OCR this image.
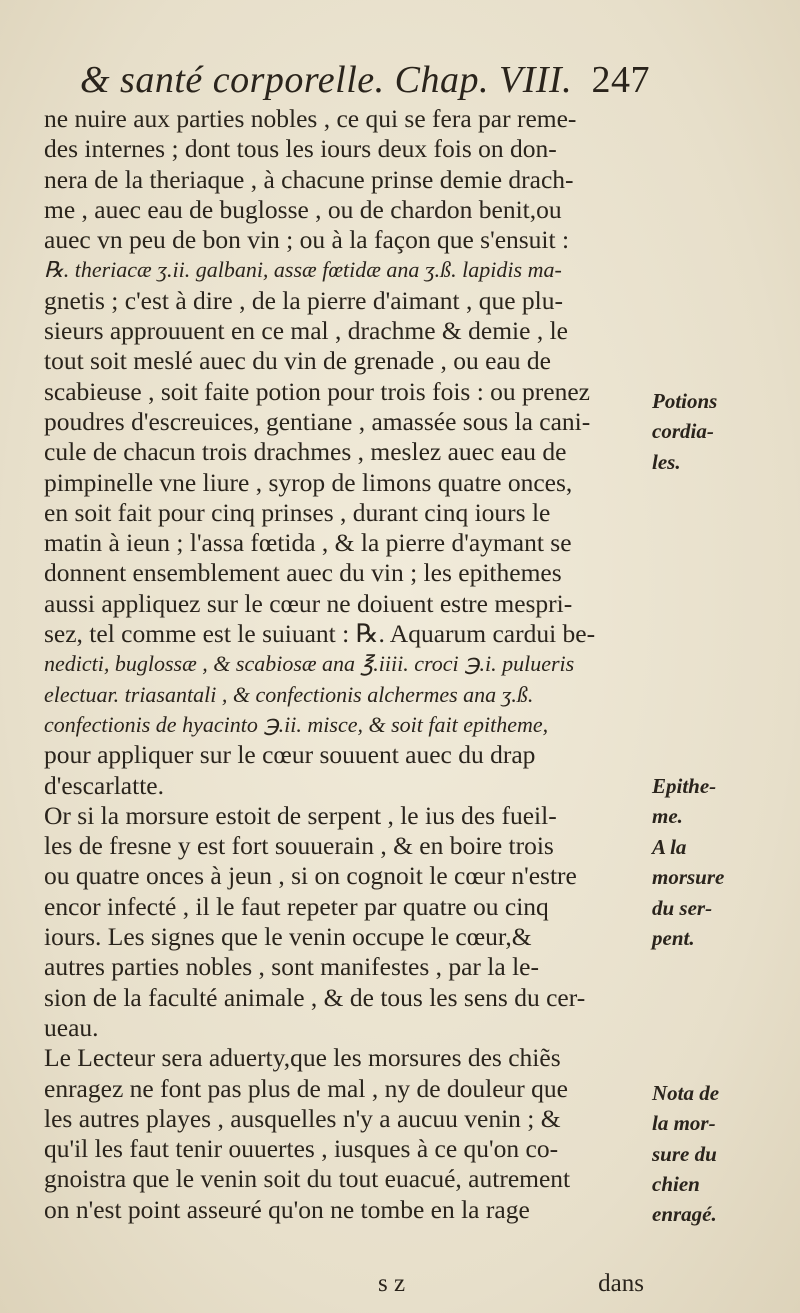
& santé corporelle. Chap. VIII. 247
ne nuire aux parties nobles , ce qui se fera par reme-
des internes ; dont tous les iours deux fois on don-
nera de la theriaque , à chacune prinse demie drach-
me , auec eau de buglosse , ou de chardon benit,ou
auec vn peu de bon vin ; ou à la façon que s'ensuit :
℞. theriacæ ʒ.ii. galbani, assæ fœtidæ ana ʒ.ß. lapidis ma-
gnetis ; c'est à dire , de la pierre d'aimant , que plu-
sieurs approuuent en ce mal , drachme & demie , le
tout soit meslé auec du vin de grenade , ou eau de
scabieuse , soit faite potion pour trois fois : ou prenez
poudres d'escreuices, gentiane , amassée sous la cani-
cule de chacun trois drachmes , meslez auec eau de
pimpinelle vne liure , syrop de limons quatre onces,
en soit fait pour cinq prinses , durant cinq iours le
matin à ieun ; l'assa fœtida , & la pierre d'aymant se
donnent ensemblement auec du vin ; les epithemes
aussi appliquez sur le cœur ne doiuent estre mespri-
sez, tel comme est le suiuant : ℞. Aquarum cardui be-
nedicti, buglossæ , & scabiosæ ana ℥.iiii. croci ℈.i. pulueris
electuar. triasantali , & confectionis alchermes ana ʒ.ß.
confectionis de hyacinto ℈.ii. misce, & soit fait epitheme,
pour appliquer sur le cœur souuent auec du drap
d'escarlatte.
Or si la morsure estoit de serpent , le ius des fueil-
les de fresne y est fort souuerain , & en boire trois
ou quatre onces à jeun , si on cognoit le cœur n'estre
encor infecté , il le faut repeter par quatre ou cinq
iours. Les signes que le venin occupe le cœur,&
autres parties nobles , sont manifestes , par la le-
sion de la faculté animale , & de tous les sens du cer-
ueau.
Le Lecteur sera aduerty,que les morsures des chiẽs
enragez ne font pas plus de mal , ny de douleur que
les autres playes , ausquelles n'y a aucuu venin ; &
qu'il les faut tenir ouuertes , iusques à ce qu'on co-
gnoistra que le venin soit du tout euacué, autrement
on n'est point asseuré qu'on ne tombe en la rage
Potions
cordia-
les.
Epithe-
me.
A la
morsure
du ser-
pent.
Nota de
la mor-
sure du
chien
enragé.
s z	dans
